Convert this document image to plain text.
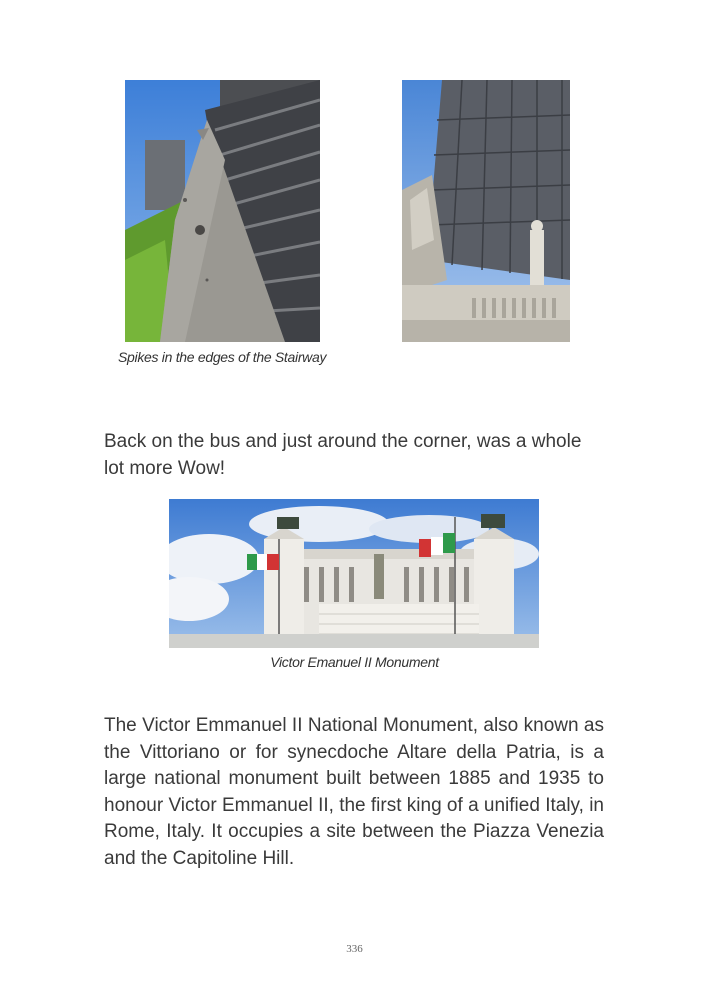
Spikes in the edges of the Stairway

Back on the bus and just around the corner, was a whole lot more Wow!

Victor Emanuel II Monument

The Victor Emmanuel II National Monument, also known as the Vittoriano or for synecdoche Altare della Patria, is a large national monument built between 1885 and 1935 to honour Victor Emmanuel II, the first king of a unified Italy, in Rome, Italy. It occupies a site between the Piazza Venezia and the Capitoline Hill.

336
